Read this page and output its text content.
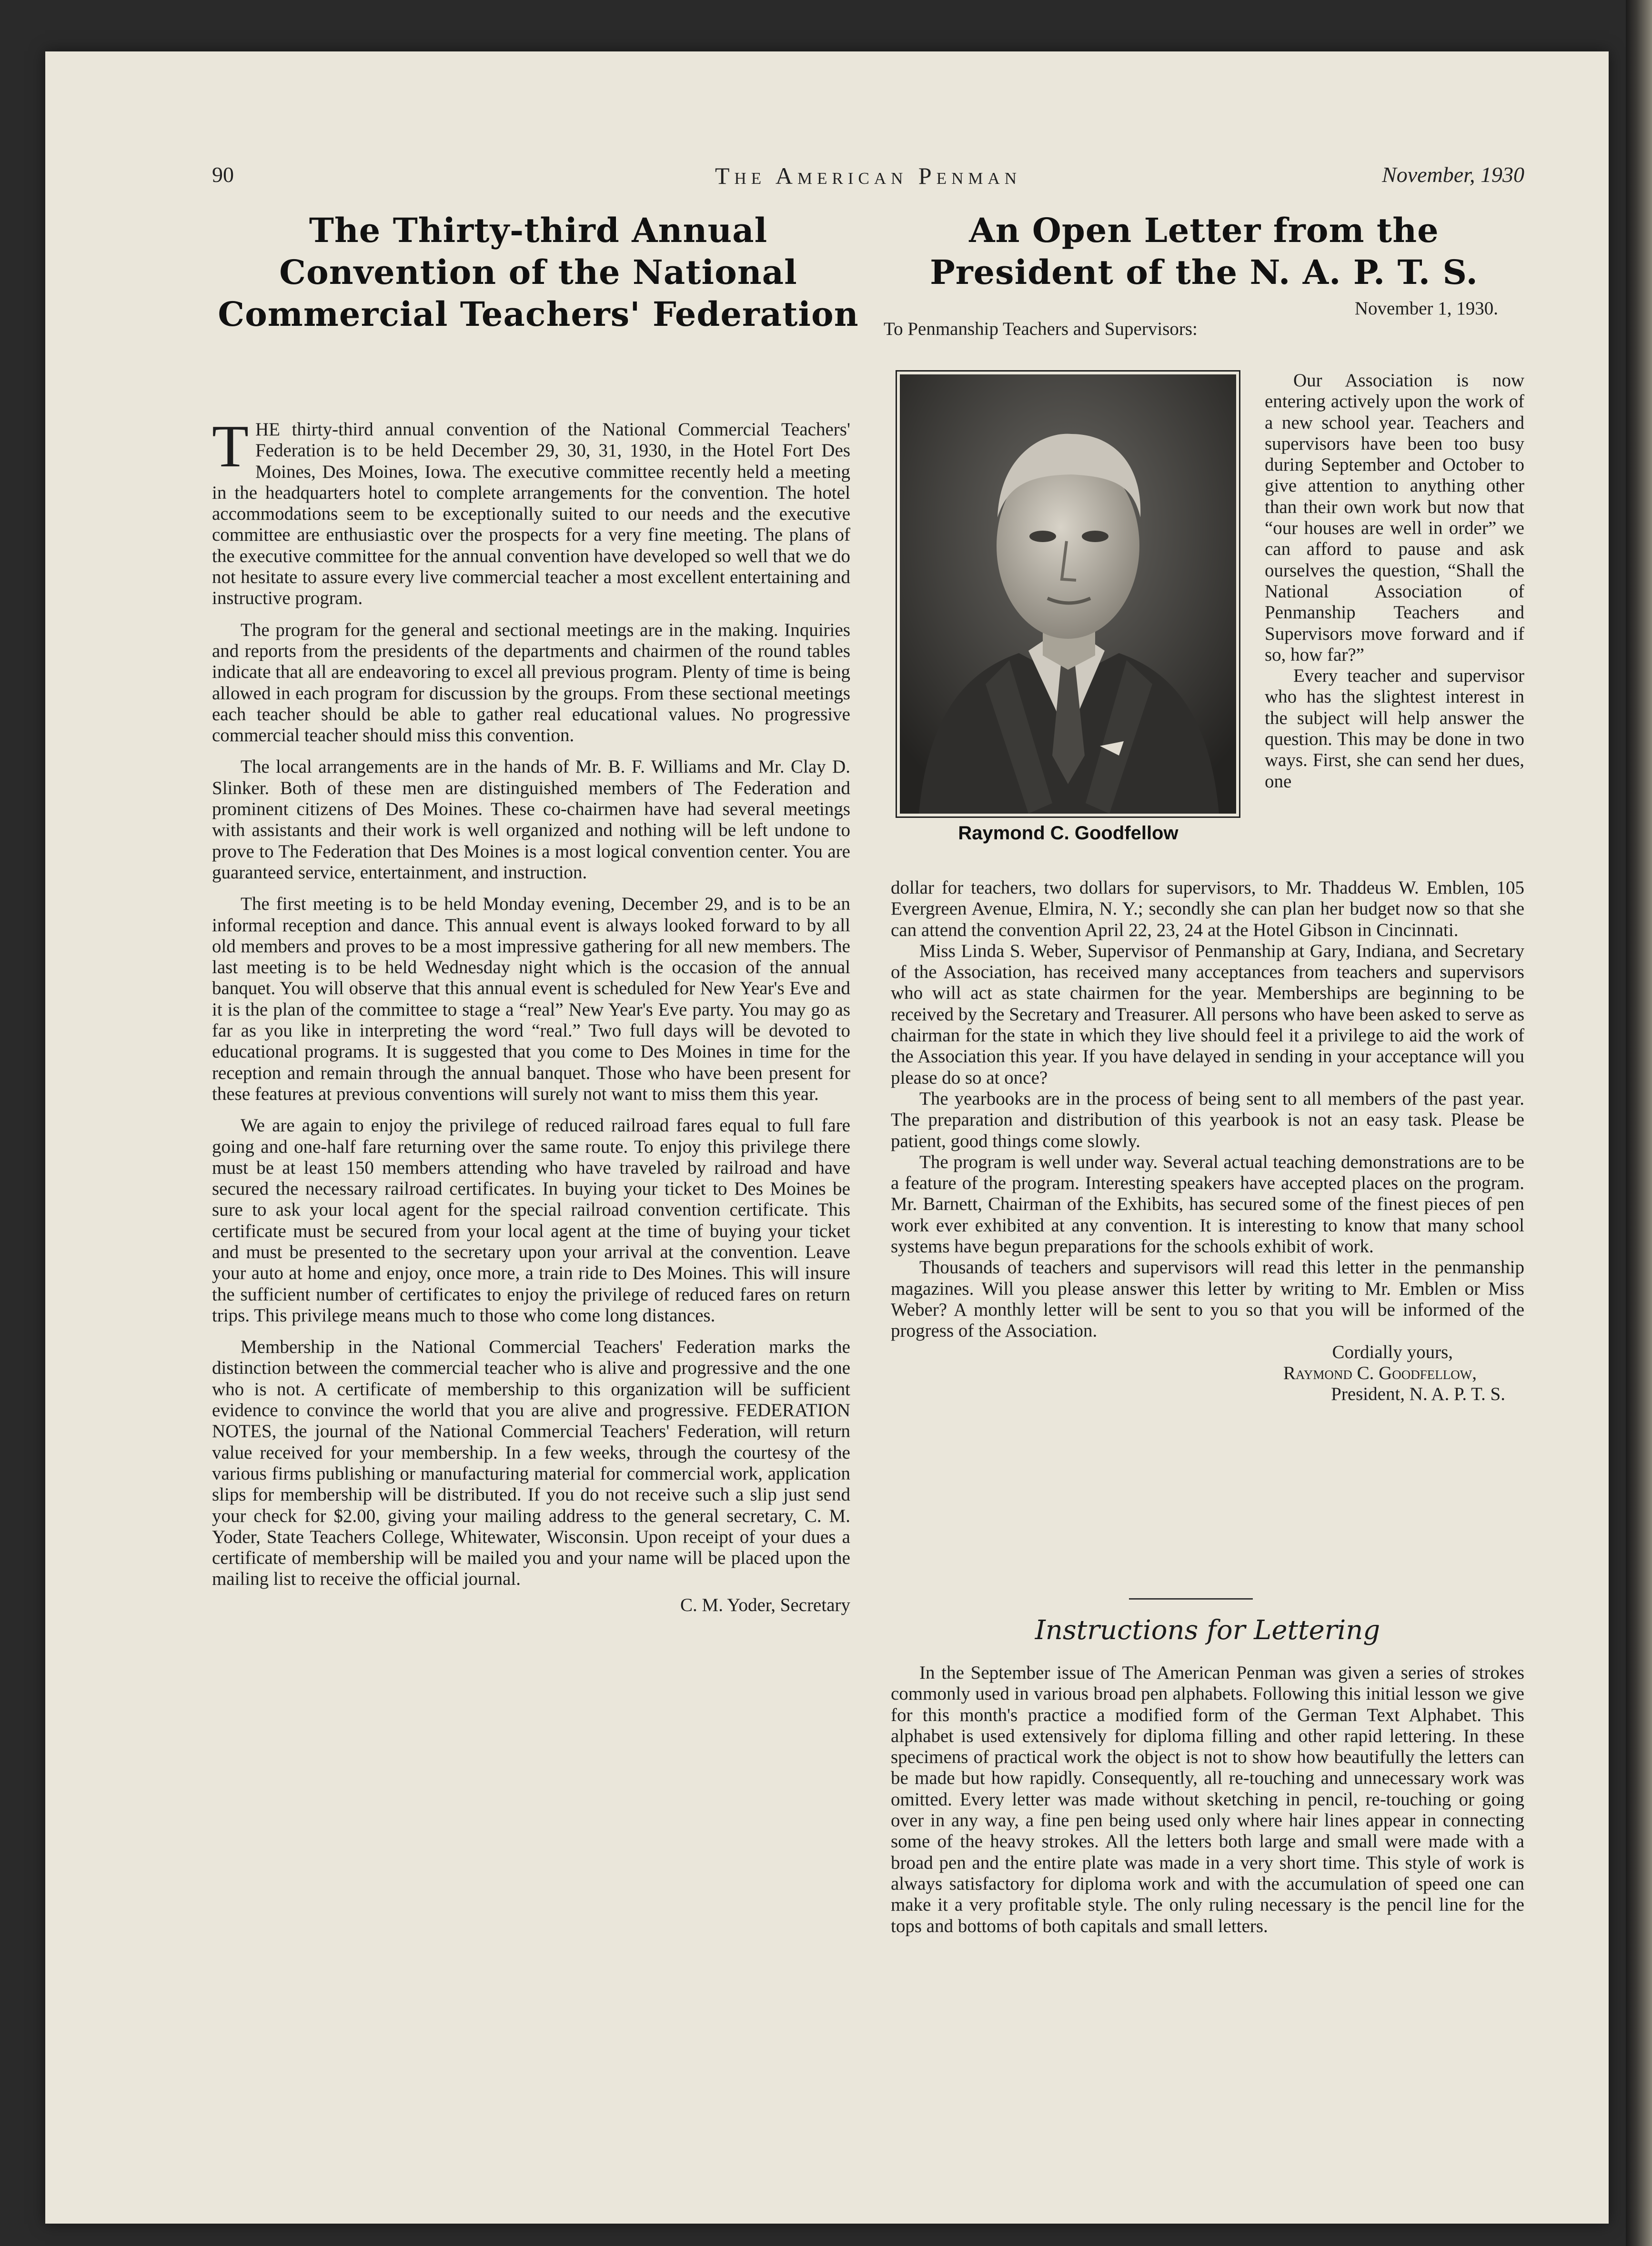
90	The American Penman	November, 1930
The Thirty-third Annual Convention of the National Commercial Teachers' Federation
An Open Letter from the President of the N. A. P. T. S.

THE thirty-third annual convention of the National Commercial Teachers' Federation is to be held December 29, 30, 31, 1930, in the Hotel Fort Des Moines, Des Moines, Iowa. The executive committee recently held a meeting in the headquarters hotel to complete arrangements for the convention. The hotel accommodations seem to be exceptionally suited to our needs and the executive committee are enthusiastic over the prospects for a very fine meeting. The plans of the executive committee for the annual convention have developed so well that we do not hesitate to assure every live commercial teacher a most excellent entertaining and instructive program.

The program for the general and sectional meetings are in the making. Inquiries and reports from the presidents of the departments and chairmen of the round tables indicate that all are endeavoring to excel all previous program. Plenty of time is being allowed in each program for discussion by the groups. From these sectional meetings each teacher should be able to gather real educational values. No progressive commercial teacher should miss this convention.

The local arrangements are in the hands of Mr. B. F. Williams and Mr. Clay D. Slinker. Both of these men are distinguished members of The Federation and prominent citizens of Des Moines. These co-chairmen have had several meetings with assistants and their work is well organized and nothing will be left undone to prove to The Federation that Des Moines is a most logical convention center. You are guaranteed service, entertainment, and instruction.

The first meeting is to be held Monday evening, December 29, and is to be an informal reception and dance. This annual event is always looked forward to by all old members and proves to be a most impressive gathering for all new members. The last meeting is to be held Wednesday night which is the occasion of the annual banquet. You will observe that this annual event is scheduled for New Year's Eve and it is the plan of the committee to stage a “real” New Year's Eve party. You may go as far as you like in interpreting the word “real.” Two full days will be devoted to educational programs. It is suggested that you come to Des Moines in time for the reception and remain through the annual banquet. Those who have been present for these features at previous conventions will surely not want to miss them this year.

We are again to enjoy the privilege of reduced railroad fares equal to full fare going and one-half fare returning over the same route. To enjoy this privilege there must be at least 150 members attending who have traveled by railroad and have secured the necessary railroad certificates. In buying your ticket to Des Moines be sure to ask your local agent for the special railroad convention certificate. This certificate must be secured from your local agent at the time of buying your ticket and must be presented to the secretary upon your arrival at the convention. Leave your auto at home and enjoy, once more, a train ride to Des Moines. This will insure the sufficient number of certificates to enjoy the privilege of reduced fares on return trips. This privilege means much to those who come long distances.

Membership in the National Commercial Teachers' Federation marks the distinction between the commercial teacher who is alive and progressive and the one who is not. A certificate of membership to this organization will be sufficient evidence to convince the world that you are alive and progressive. FEDERATION NOTES, the journal of the National Commercial Teachers' Federation, will return value received for your membership. In a few weeks, through the courtesy of the various firms publishing or manufacturing material for commercial work, application slips for membership will be distributed. If you do not receive such a slip just send your check for $2.00, giving your mailing address to the general secretary, C. M. Yoder, State Teachers College, Whitewater, Wisconsin. Upon receipt of your dues a certificate of membership will be mailed you and your name will be placed upon the mailing list to receive the official journal.

C. M. Yoder, Secretary
November 1, 1930.
To Penmanship Teachers and Supervisors:
Raymond C. Goodfellow

Our Association is now entering actively upon the work of a new school year. Teachers and supervisors have been too busy during September and October to give attention to anything other than their own work but now that “our houses are well in order” we can afford to pause and ask ourselves the question, “Shall the National Association of Penmanship Teachers and Supervisors move forward and if so, how far?”

Every teacher and supervisor who has the slightest interest in the subject will help answer the question. This may be done in two ways. First, she can send her dues, one

dollar for teachers, two dollars for supervisors, to Mr. Thaddeus W. Emblen, 105 Evergreen Avenue, Elmira, N. Y.; secondly she can plan her budget now so that she can attend the convention April 22, 23, 24 at the Hotel Gibson in Cincinnati.

Miss Linda S. Weber, Supervisor of Penmanship at Gary, Indiana, and Secretary of the Association, has received many acceptances from teachers and supervisors who will act as state chairmen for the year. Memberships are beginning to be received by the Secretary and Treasurer. All persons who have been asked to serve as chairman for the state in which they live should feel it a privilege to aid the work of the Association this year. If you have delayed in sending in your acceptance will you please do so at once?

The yearbooks are in the process of being sent to all members of the past year. The preparation and distribution of this yearbook is not an easy task. Please be patient, good things come slowly.

The program is well under way. Several actual teaching demonstrations are to be a feature of the program. Interesting speakers have accepted places on the program. Mr. Barnett, Chairman of the Exhibits, has secured some of the finest pieces of pen work ever exhibited at any convention. It is interesting to know that many school systems have begun preparations for the schools exhibit of work.

Thousands of teachers and supervisors will read this letter in the penmanship magazines. Will you please answer this letter by writing to Mr. Emblen or Miss Weber? A monthly letter will be sent to you so that you will be informed of the progress of the Association.

Cordially yours,
Raymond C. Goodfellow,
President, N. A. P. T. S.
Instructions for Lettering

In the September issue of The American Penman was given a series of strokes commonly used in various broad pen alphabets. Following this initial lesson we give for this month's practice a modified form of the German Text Alphabet. This alphabet is used extensively for diploma filling and other rapid lettering. In these specimens of practical work the object is not to show how beautifully the letters can be made but how rapidly. Consequently, all re-touching and unnecessary work was omitted. Every letter was made without sketching in pencil, re-touching or going over in any way, a fine pen being used only where hair lines appear in connecting some of the heavy strokes. All the letters both large and small were made with a broad pen and the entire plate was made in a very short time. This style of work is always satisfactory for diploma work and with the accumulation of speed one can make it a very profitable style. The only ruling necessary is the pencil line for the tops and bottoms of both capitals and small letters.
